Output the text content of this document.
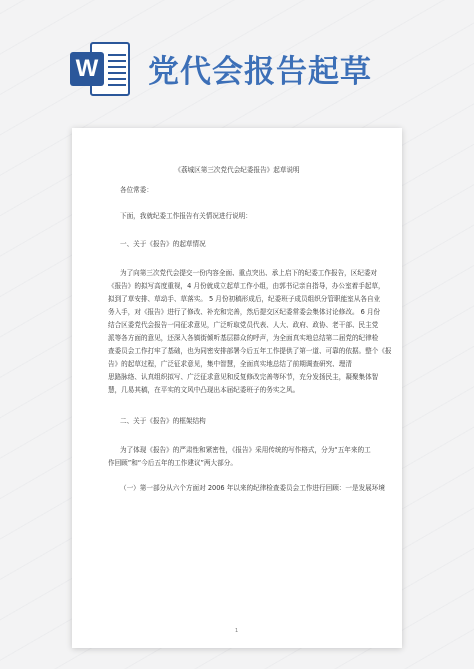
W 党代会报告起草
《荔城区第三次党代会纪委报告》起草说明
各位常委：
下面，我就纪委工作报告有关情况进行说明：
一、关于《报告》的起草情况
为了向第三次党代会提交一份内容全面、重点突出、承上启下的纪委工作报告，区纪委对
《报告》的拟写高度重视，4 月份就成立起草工作小组，由郭书记亲自指导，办公室着手起草，
拟到了草安排、草动手、草落实。 5 月份初稿形成后，纪委班子成员组织分管职能室从各自业
务入手，对《报告》进行了修改、补充和完善，然后提交区纪委常委会集体讨论修改。 6 月份
结合区委党代会报告一同征求意见，广泛听取党员代表、人大、政府、政协、老干部、民主党
派等各方面的意见，还深入各镇街倾听基层群众的呼声，为全面真实地总结第二届党的纪律检
查委员会工作打牢了基础，也为同密安排部署今后五年工作提供了第一道、可靠的依据。整个《报
告》的起草过程，广泛征求意见，集中智慧，全面真实地总结了前期调查研究、理清
思路脉络、认真组织拟写、广泛征求意见和反复修改完善等环节，充分发扬民主，凝聚集体智
慧，几易其稿，在平实的文风中凸现出本届纪委班子的务实之风。
二、关于《报告》的框架结构
为了体现《报告》的严肃性和紧密性，《报告》采用传统的写作格式，分为“五年来的工
作回顾”和“今后五年的工作建议”两大部分。
（一）第一部分从六个方面对 2006 年以来的纪律检查委员会工作进行回顾：一是发展环境
1
